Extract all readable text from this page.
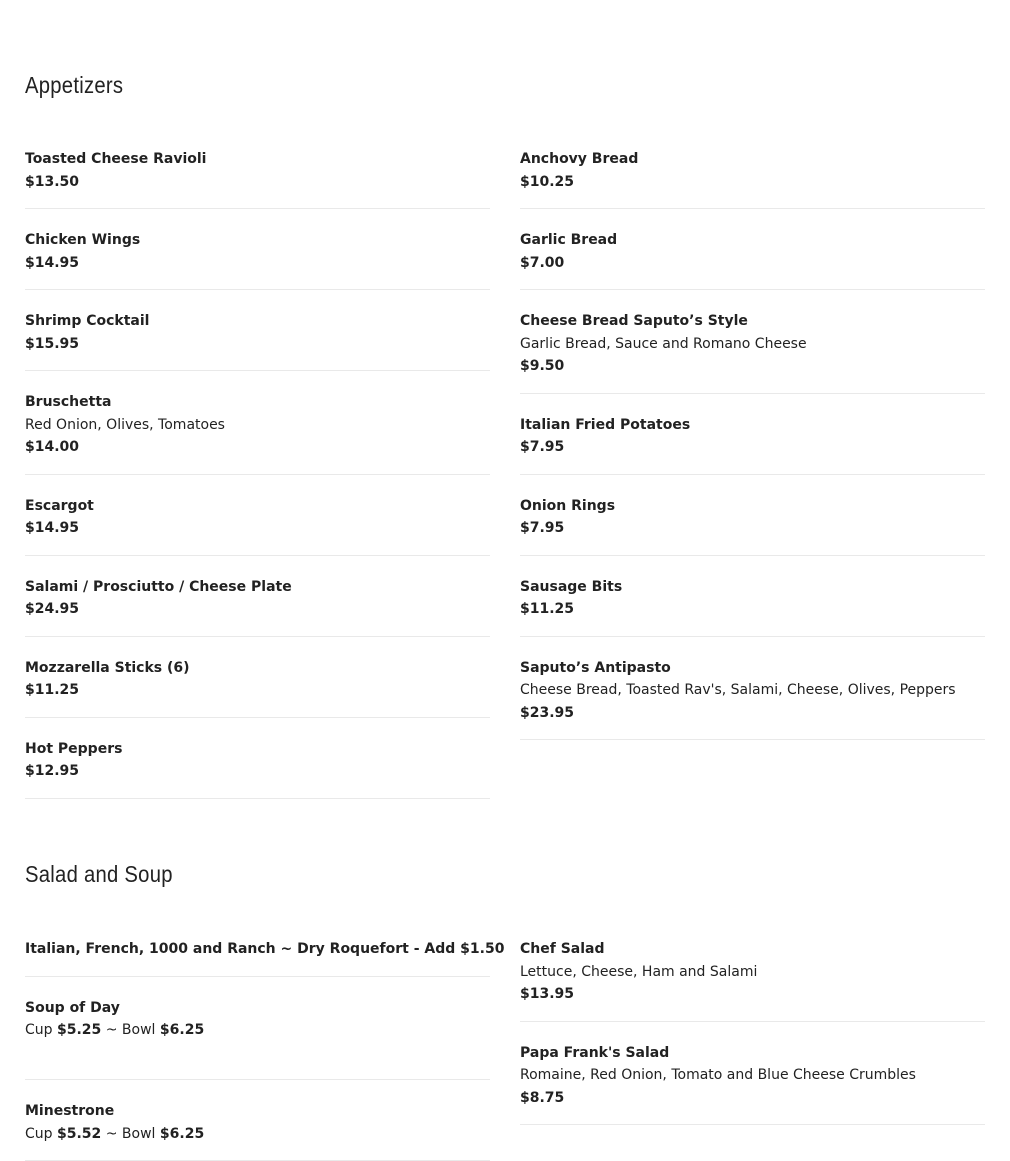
Appetizers
Toasted Cheese Ravioli
$13.50
Chicken Wings
$14.95
Shrimp Cocktail
$15.95
Bruschetta
Red Onion, Olives, Tomatoes
$14.00
Escargot
$14.95
Salami / Prosciutto / Cheese Plate
$24.95
Mozzarella Sticks (6)
$11.25
Hot Peppers
$12.95
Anchovy Bread
$10.25
Garlic Bread
$7.00
Cheese Bread Saputo’s Style
Garlic Bread, Sauce and Romano Cheese
$9.50
Italian Fried Potatoes
$7.95
Onion Rings
$7.95
Sausage Bits
$11.25
Saputo’s Antipasto
Cheese Bread, Toasted Rav's, Salami, Cheese, Olives, Peppers
$23.95
Salad and Soup
Italian, French, 1000 and Ranch ~ Dry Roquefort - Add $1.50
Soup of Day
Cup $5.25 ~ Bowl $6.25
Minestrone
Cup $5.52 ~ Bowl $6.25
Chef Salad
Lettuce, Cheese, Ham and Salami
$13.95
Papa Frank's Salad
Romaine, Red Onion, Tomato and Blue Cheese Crumbles
$8.75
